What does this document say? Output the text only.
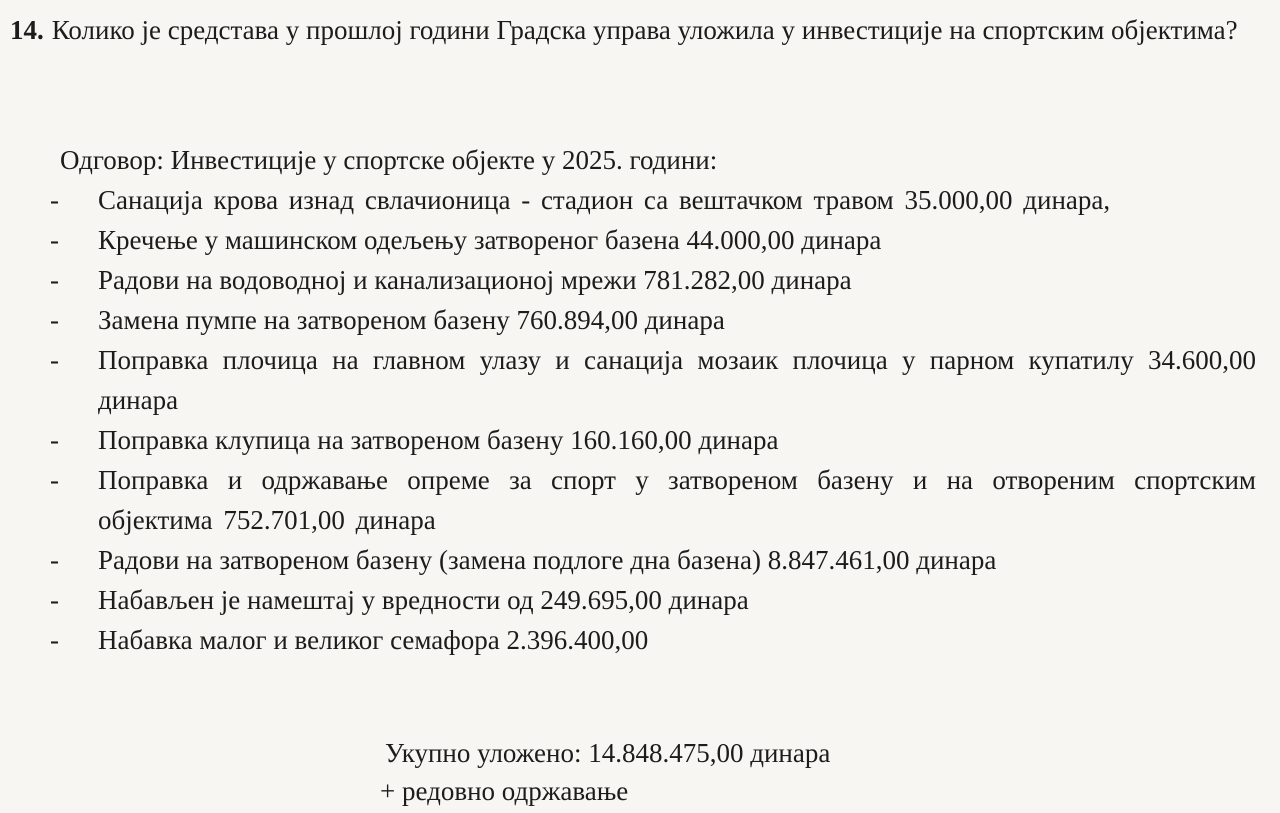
14. Колико је средстава у прошлој години Градска управа уложила у инвестиције на спортским објектима?
Одговор: Инвестиције у спортске објекте у 2025. години:
-	Санација крова изнад свлачионица - стадион са вештачком травом 35.000,00 динара,
-	Кречење у машинском одељењу затвореног базена 44.000,00 динара
-	Радови на водоводној и канализационој мрежи 781.282,00 динара
-	Замена пумпе на затвореном базену 760.894,00 динара
-	Поправка плочица на главном улазу и санација мозаик плочица у парном купатилу 34.600,00 динара
-	Поправка клупица на затвореном базену 160.160,00 динара
-	Поправка и одржавање опреме за спорт у затвореном базену и на отвореним спортским објектима 752.701,00 динара
-	Радови на затвореном базену (замена подлоге дна базена) 8.847.461,00 динара
-	Набављен је намештај у вредности од 249.695,00 динара
-	Набавка малог и великог семафора 2.396.400,00
Укупно уложено: 14.848.475,00 динара
+ редовно одржавање
